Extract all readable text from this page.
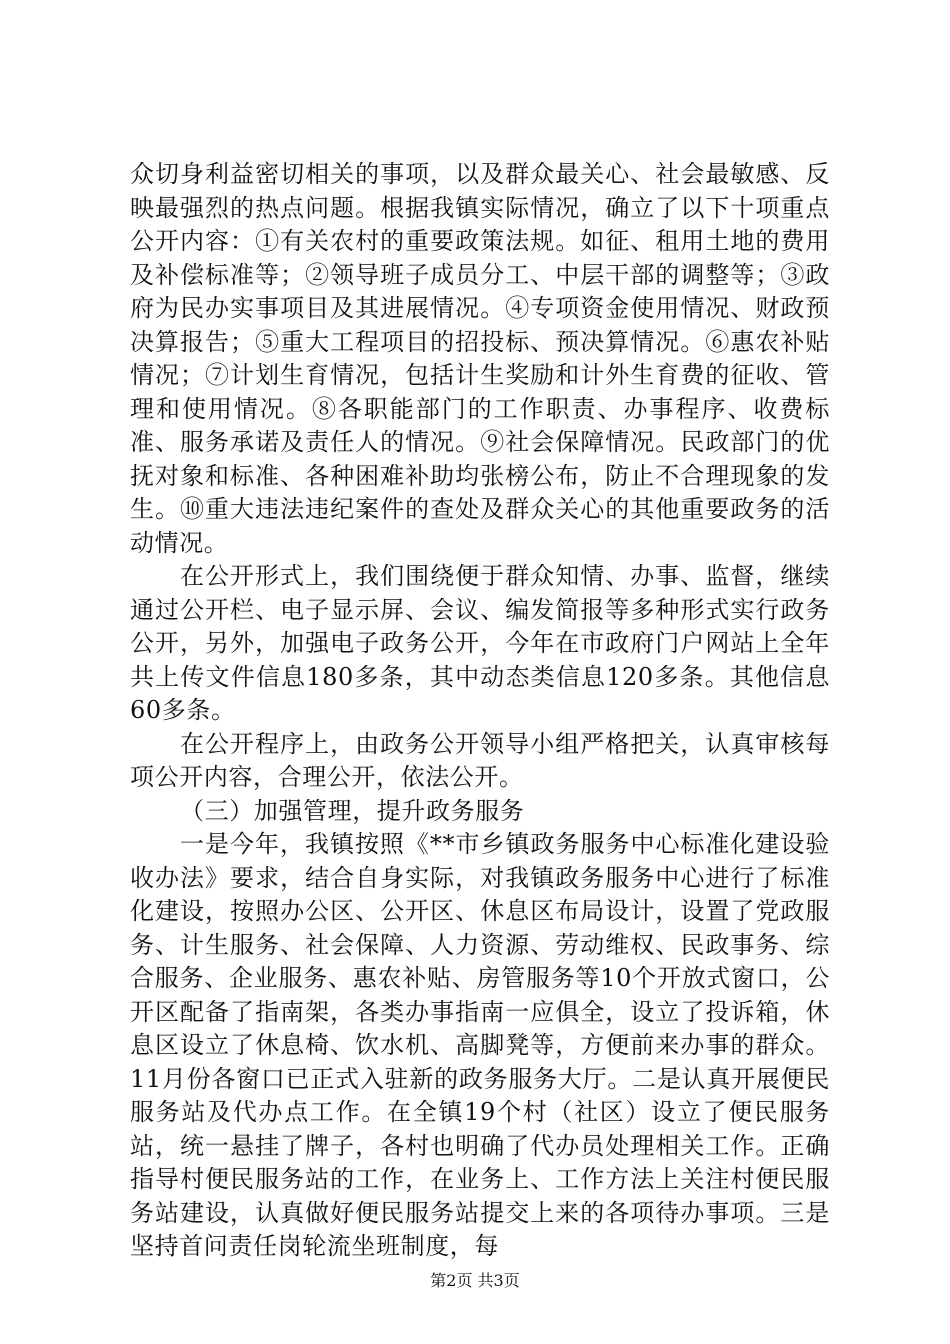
众切身利益密切相关的事项，以及群众最关心、社会最敏感、反映最强烈的热点问题。根据我镇实际情况，确立了以下十项重点公开内容：①有关农村的重要政策法规。如征、租用土地的费用及补偿标准等；②领导班子成员分工、中层干部的调整等；③政府为民办实事项目及其进展情况。④专项资金使用情况、财政预决算报告；⑤重大工程项目的招投标、预决算情况。⑥惠农补贴情况；⑦计划生育情况，包括计生奖励和计外生育费的征收、管理和使用情况。⑧各职能部门的工作职责、办事程序、收费标准、服务承诺及责任人的情况。⑨社会保障情况。民政部门的优抚对象和标准、各种困难补助均张榜公布，防止不合理现象的发生。⑩重大违法违纪案件的查处及群众关心的其他重要政务的活动情况。

在公开形式上，我们围绕便于群众知情、办事、监督，继续通过公开栏、电子显示屏、会议、编发简报等多种形式实行政务公开，另外，加强电子政务公开，今年在市政府门户网站上全年共上传文件信息180多条，其中动态类信息120多条。其他信息60多条。

在公开程序上，由政务公开领导小组严格把关，认真审核每项公开内容，合理公开，依法公开。

（三）加强管理，提升政务服务

一是今年，我镇按照《**市乡镇政务服务中心标准化建设验收办法》要求，结合自身实际，对我镇政务服务中心进行了标准化建设，按照办公区、公开区、休息区布局设计，设置了党政服务、计生服务、社会保障、人力资源、劳动维权、民政事务、综合服务、企业服务、惠农补贴、房管服务等10个开放式窗口，公开区配备了指南架，各类办事指南一应俱全，设立了投诉箱，休息区设立了休息椅、饮水机、高脚凳等，方便前来办事的群众。11月份各窗口已正式入驻新的政务服务大厅。二是认真开展便民服务站及代办点工作。在全镇19个村（社区）设立了便民服务站，统一悬挂了牌子，各村也明确了代办员处理相关工作。正确指导村便民服务站的工作，在业务上、工作方法上关注村便民服务站建设，认真做好便民服务站提交上来的各项待办事项。三是坚持首问责任岗轮流坐班制度，每

第2页 共3页
